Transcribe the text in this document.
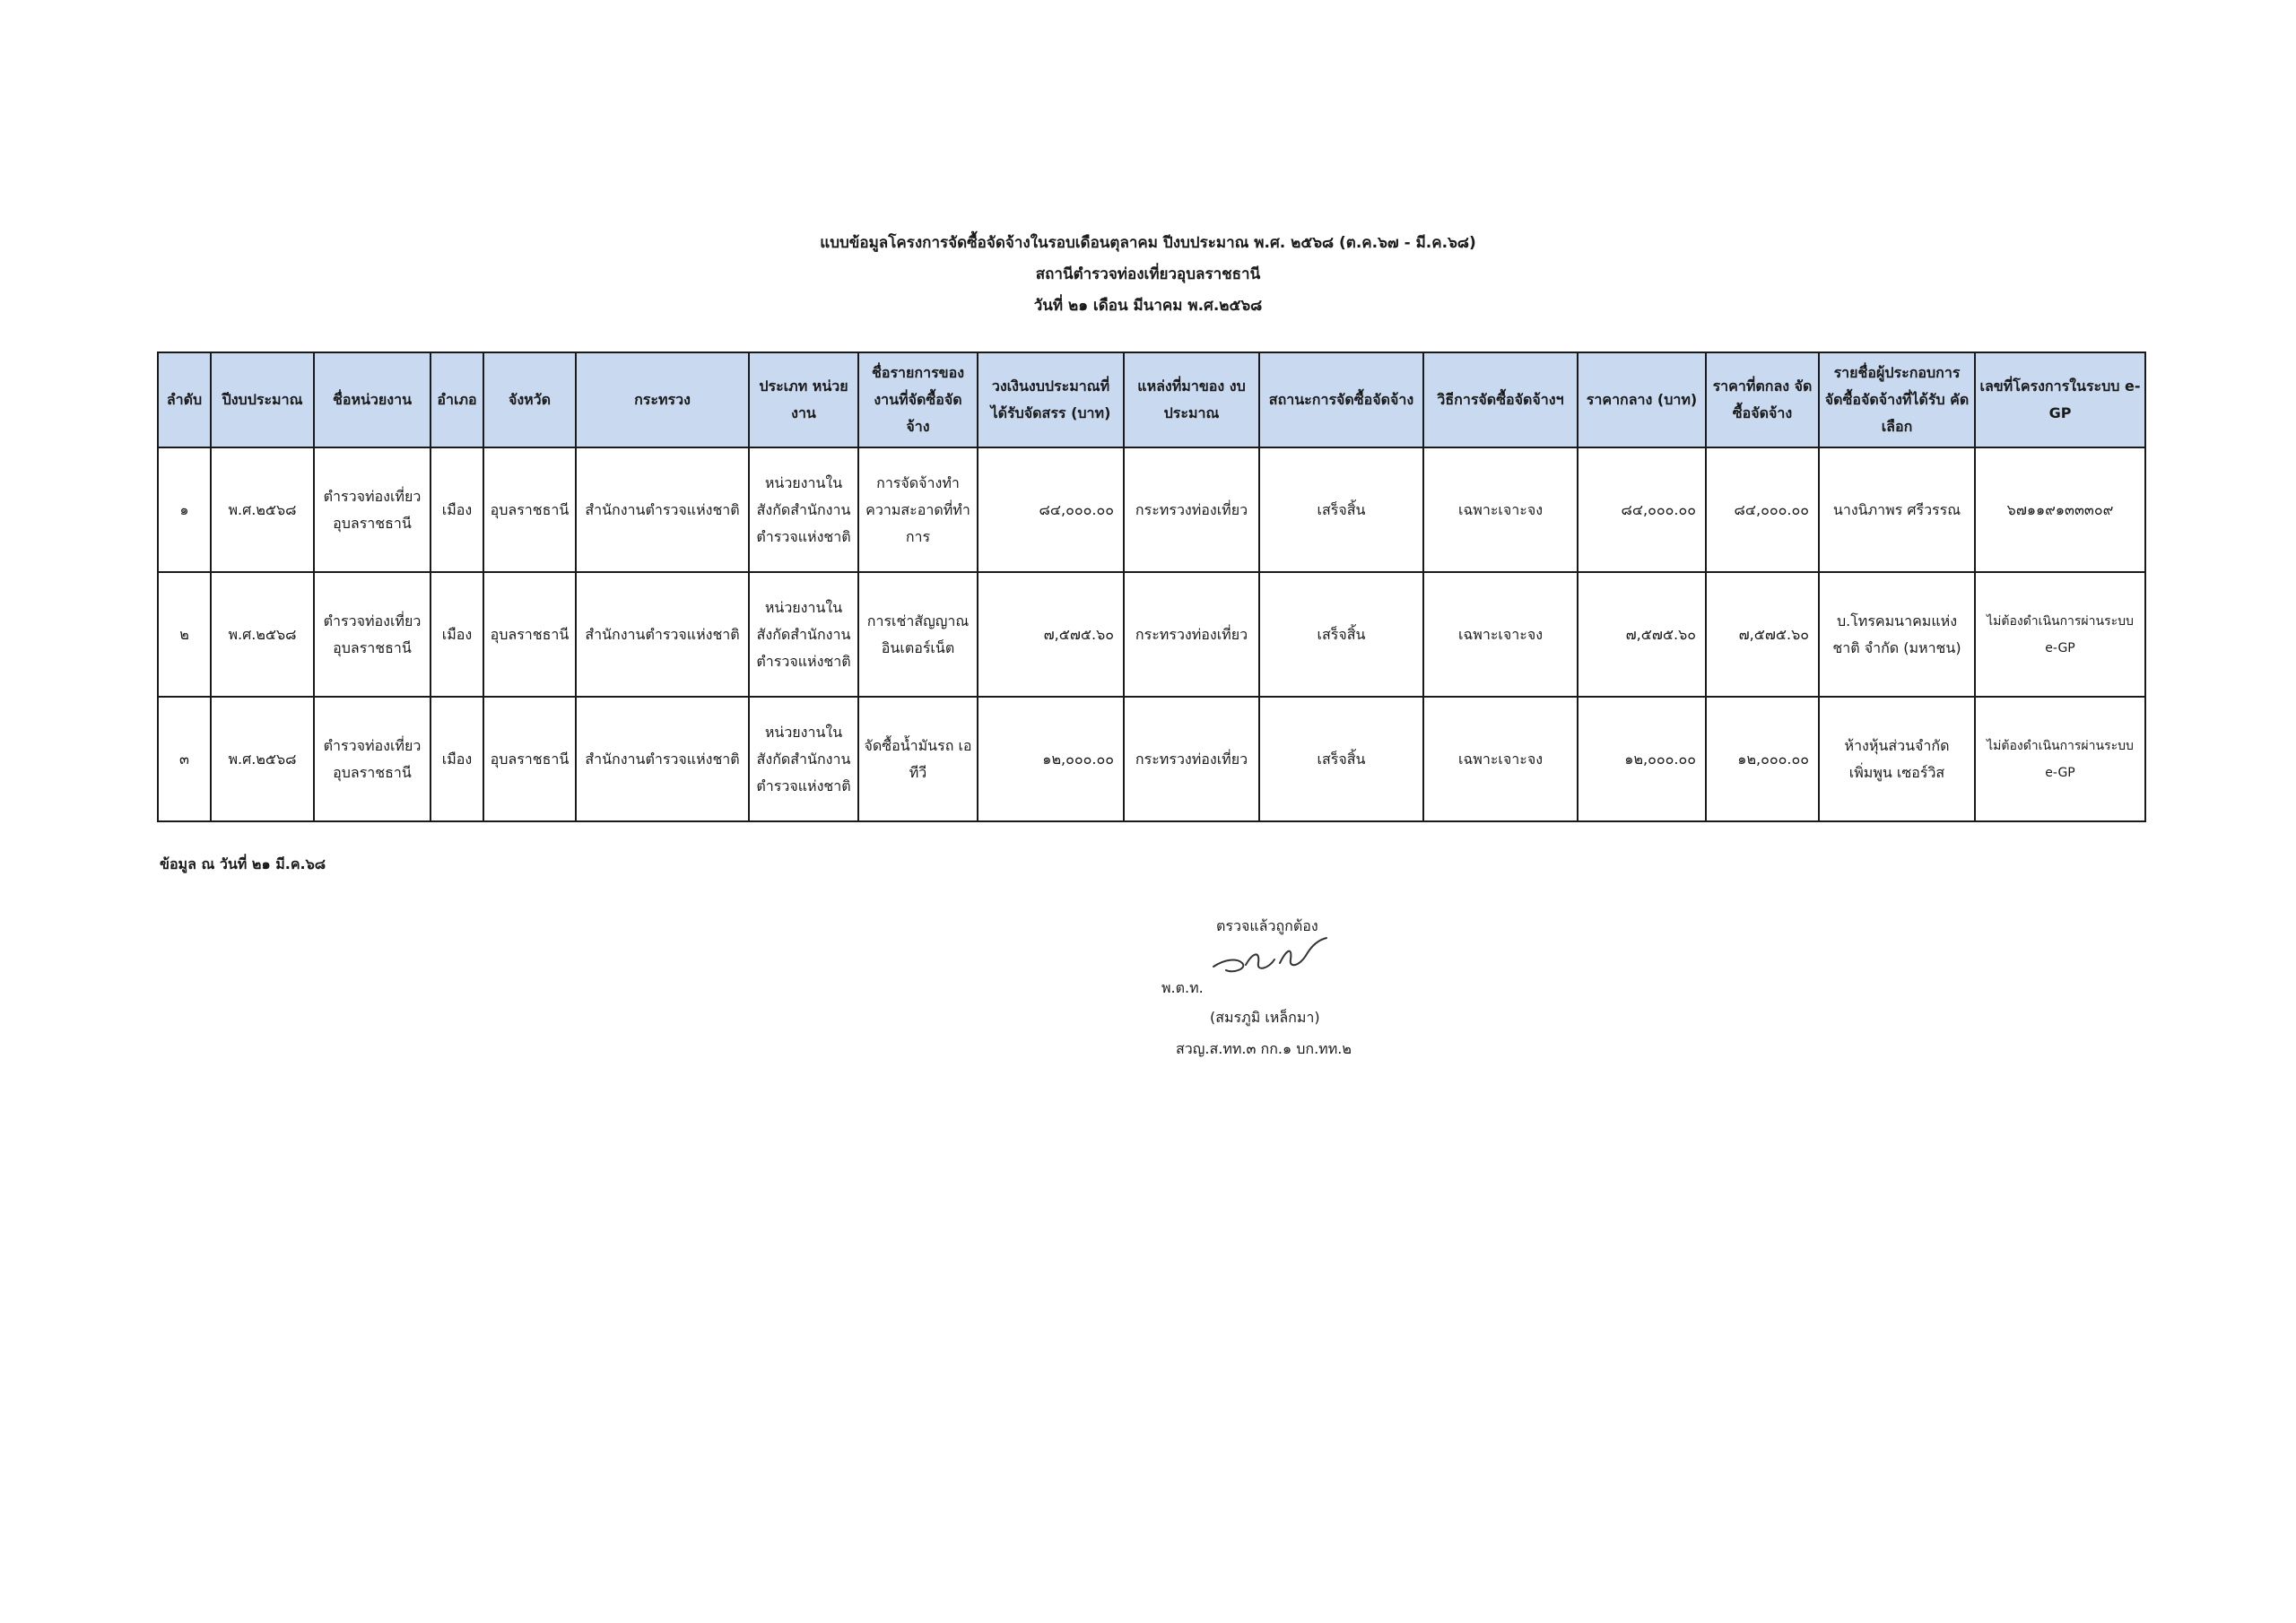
แบบข้อมูลโครงการจัดซื้อจัดจ้างในรอบเดือนตุลาคม ปีงบประมาณ พ.ศ. ๒๕๖๘ (ต.ค.๖๗ - มี.ค.๖๘)
สถานีตำรวจท่องเที่ยวอุบลราชธานี
วันที่ ๒๑ เดือน มีนาคม พ.ศ.๒๕๖๘
ลำดับ	ปีงบประมาณ	ชื่อหน่วยงาน	อำเภอ	จังหวัด	กระทรวง	ประเภท หน่วยงาน	ชื่อรายการของ งานที่จัดซื้อจัดจ้าง	วงเงินงบประมาณที่ ได้รับจัดสรร (บาท)	แหล่งที่มาของ งบประมาณ	สถานะการจัดซื้อจัดจ้าง	วิธีการจัดซื้อจัดจ้างฯ	ราคากลาง (บาท)	ราคาที่ตกลง จัดซื้อจัดจ้าง	รายชื่อผู้ประกอบการ จัดซื้อจัดจ้างที่ได้รับ คัดเลือก	เลขที่โครงการในระบบ e-GP
๑	พ.ศ.๒๕๖๘	ตำรวจท่องเที่ยว อุบลราชธานี	เมือง	อุบลราชธานี	สำนักงานตำรวจแห่งชาติ	หน่วยงานใน สังกัดสำนักงาน ตำรวจแห่งชาติ	การจัดจ้างทำ ความสะอาดที่ทำ การ	๘๔,๐๐๐.๐๐	กระทรวงท่องเที่ยว	เสร็จสิ้น	เฉพาะเจาะจง	๘๔,๐๐๐.๐๐	๘๔,๐๐๐.๐๐	นางนิภาพร ศรีวรรณ	๖๗๑๑๙๑๓๓๓๐๙
๒	พ.ศ.๒๕๖๘	ตำรวจท่องเที่ยว อุบลราชธานี	เมือง	อุบลราชธานี	สำนักงานตำรวจแห่งชาติ	หน่วยงานใน สังกัดสำนักงาน ตำรวจแห่งชาติ	การเช่าสัญญาณ อินเตอร์เน็ต	๗,๕๗๕.๖๐	กระทรวงท่องเที่ยว	เสร็จสิ้น	เฉพาะเจาะจง	๗,๕๗๕.๖๐	๗,๕๗๕.๖๐	บ.โทรคมนาคมแห่งชาติ จำกัด (มหาชน)	ไม่ต้องดำเนินการผ่านระบบ e-GP
๓	พ.ศ.๒๕๖๘	ตำรวจท่องเที่ยว อุบลราชธานี	เมือง	อุบลราชธานี	สำนักงานตำรวจแห่งชาติ	หน่วยงานใน สังกัดสำนักงาน ตำรวจแห่งชาติ	จัดซื้อน้ำมันรถ เอทีวี	๑๒,๐๐๐.๐๐	กระทรวงท่องเที่ยว	เสร็จสิ้น	เฉพาะเจาะจง	๑๒,๐๐๐.๐๐	๑๒,๐๐๐.๐๐	ห้างหุ้นส่วนจำกัดเพิ่มพูน เซอร์วิส	ไม่ต้องดำเนินการผ่านระบบ e-GP
ข้อมูล ณ วันที่ ๒๑ มี.ค.๖๘
ตรวจแล้วถูกต้อง
พ.ต.ท.
(สมรภูมิ เหล็กมา)
สวญ.ส.ทท.๓ กก.๑ บก.ทท.๒
